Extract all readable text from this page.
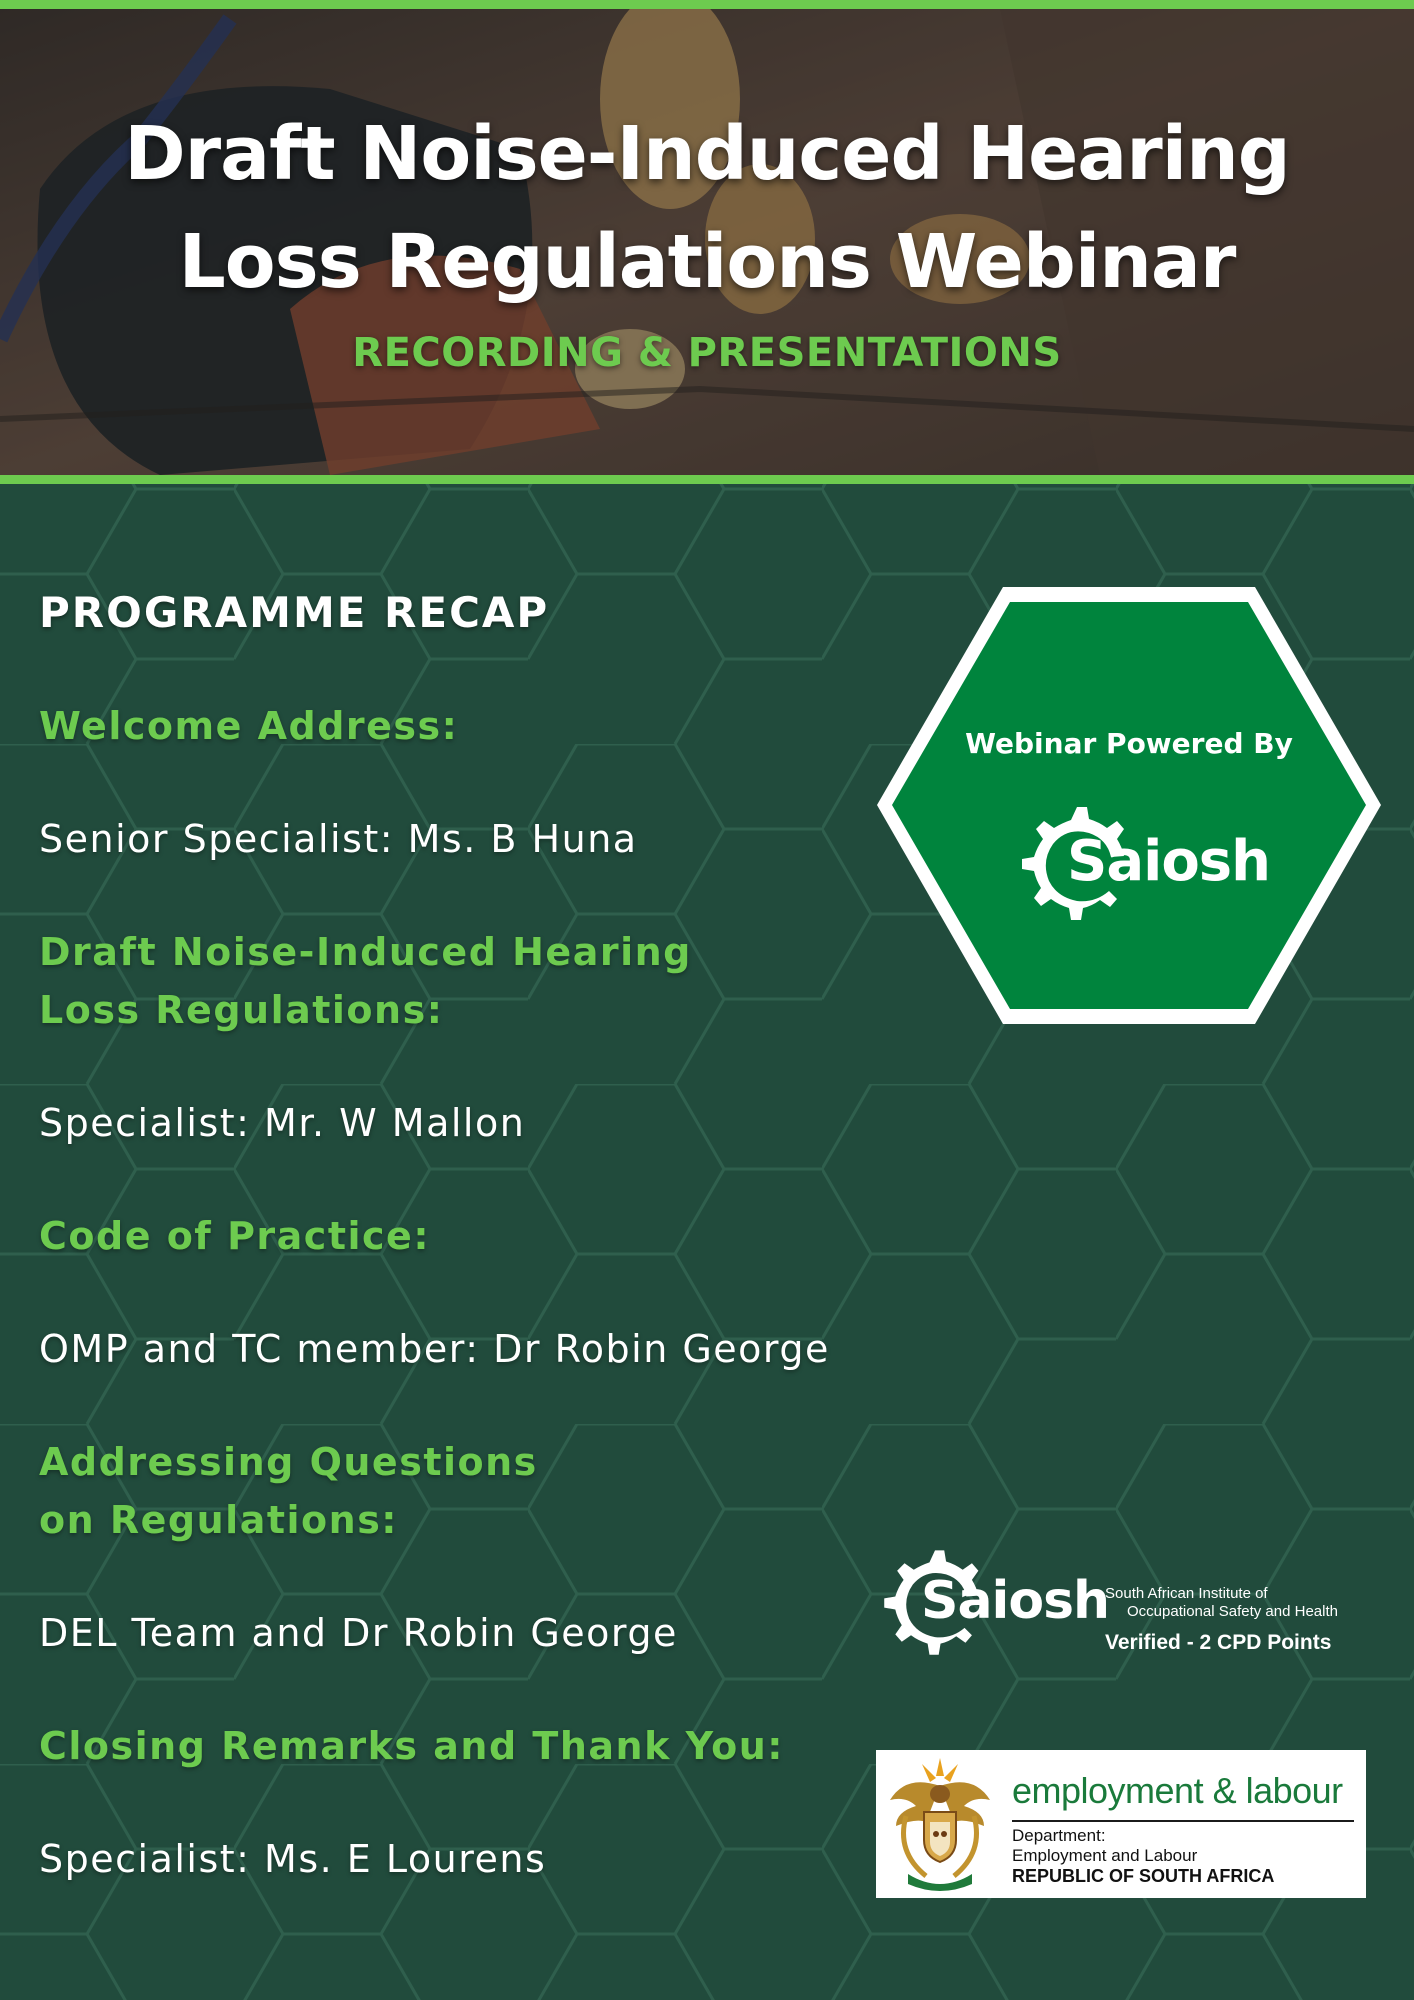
Draft Noise-Induced Hearing
Loss Regulations Webinar
RECORDING & PRESENTATIONS
PROGRAMME RECAP
Welcome Address:
Senior Specialist: Ms. B Huna
Draft Noise-Induced Hearing Loss Regulations:
Specialist: Mr. W Mallon
Code of Practice:
OMP and TC member: Dr Robin George
Addressing Questions on Regulations:
DEL Team and Dr Robin George
Closing Remarks and Thank You:
Specialist: Ms. E Lourens
Webinar Powered By
Saiosh
Saiosh
South African Institute of
Occupational Safety and Health
Verified - 2 CPD Points
employment & labour
Department:
Employment and Labour
REPUBLIC OF SOUTH AFRICA
